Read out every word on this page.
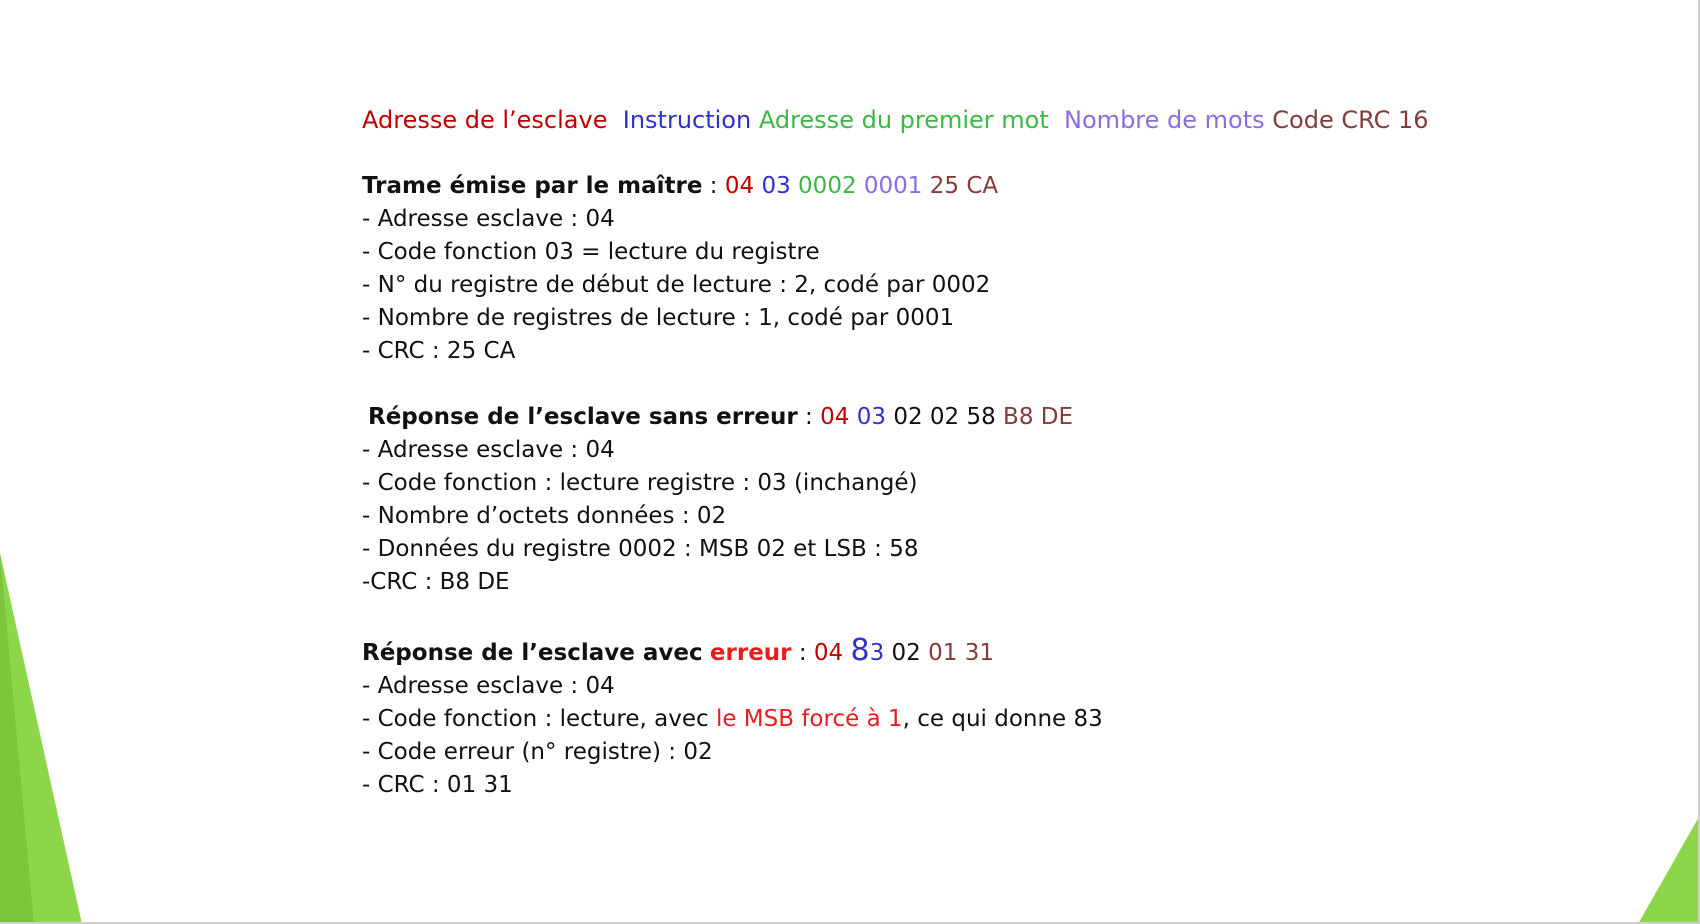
Adresse de l’esclave Instruction Adresse du premier mot Nombre de mots Code CRC 16
Trame émise par le maître : 04 03 0002 0001 25 CA
- Adresse esclave : 04
- Code fonction 03 = lecture du registre
- N° du registre de début de lecture : 2, codé par 0002
- Nombre de registres de lecture : 1, codé par 0001
- CRC : 25 CA
Réponse de l’esclave sans erreur : 04 03 02 02 58 B8 DE
- Adresse esclave : 04
- Code fonction : lecture registre : 03 (inchangé)
- Nombre d’octets données : 02
- Données du registre 0002 : MSB 02 et LSB : 58
-CRC : B8 DE
Réponse de l’esclave avec erreur : 04 83 02 01 31
- Adresse esclave : 04
- Code fonction : lecture, avec le MSB forcé à 1, ce qui donne 83
- Code erreur (n° registre) : 02
- CRC : 01 31
